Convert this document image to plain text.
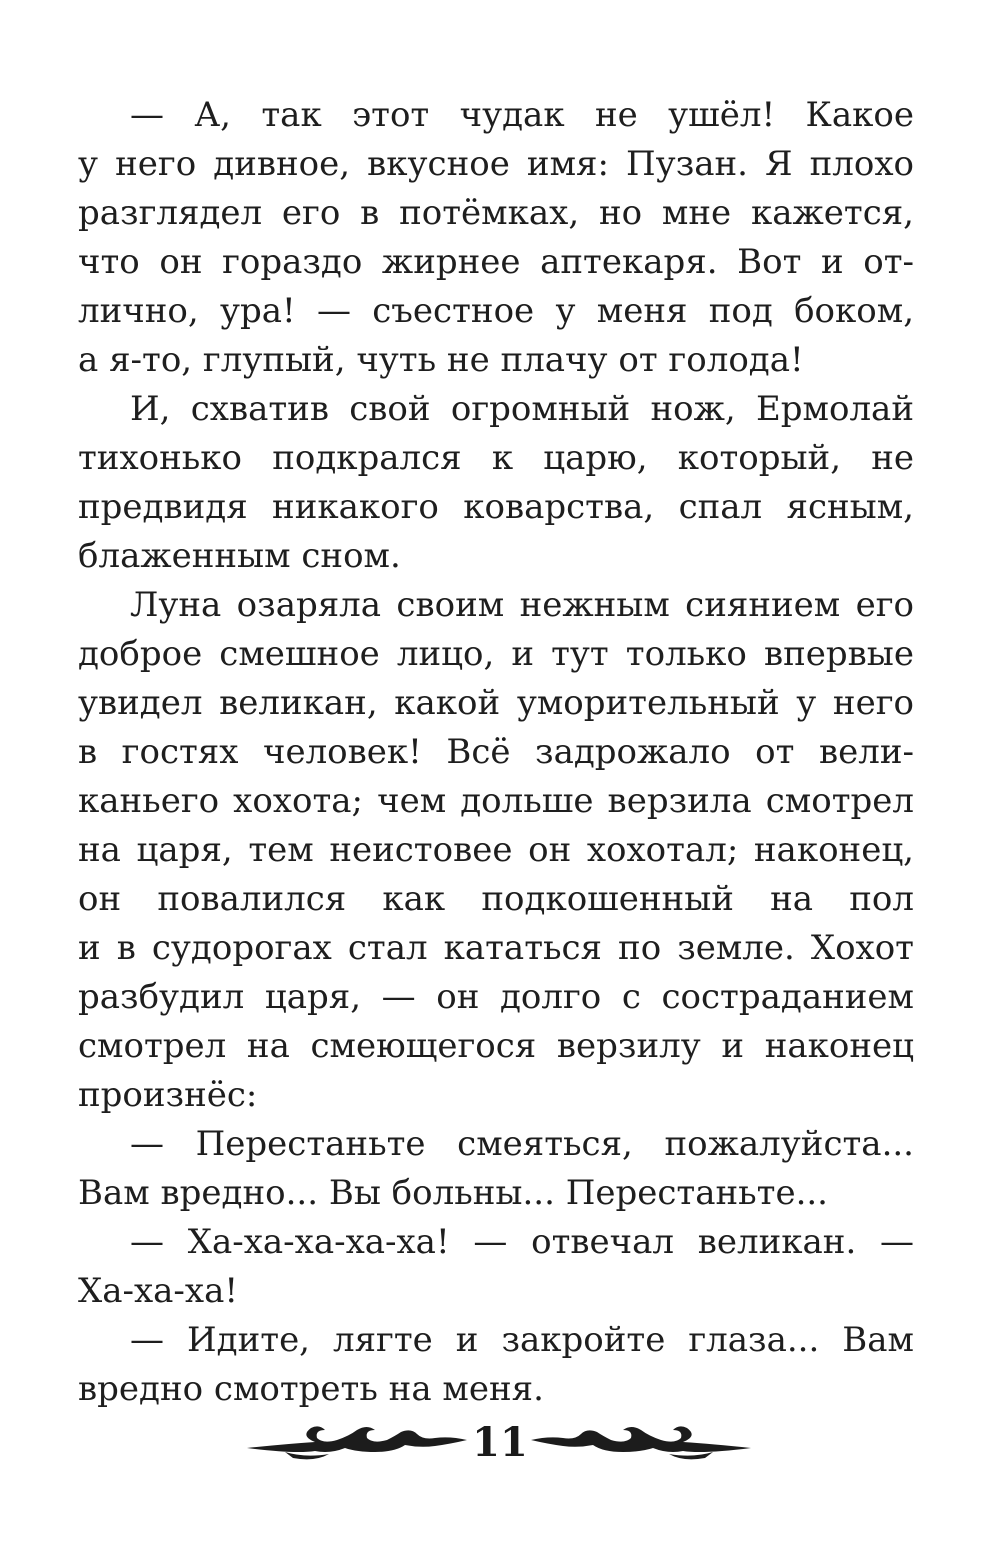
— А, так этот чудак не ушёл! Какое
у него дивное, вкусное имя: Пузан. Я плохо
разглядел его в потёмках, но мне кажется,
что он гораздо жирнее аптекаря. Вот и от-
лично, ура! — съестное у меня под боком,
а я-то, глупый, чуть не плачу от голода!
И, схватив свой огромный нож, Ермолай
тихонько подкрался к царю, который, не
предвидя никакого коварства, спал ясным,
блаженным сном.
Луна озаряла своим нежным сиянием его
доброе смешное лицо, и тут только впервые
увидел великан, какой уморительный у него
в гостях человек! Всё задрожало от вели-
каньего хохота; чем дольше верзила смотрел
на царя, тем неистовее он хохотал; наконец,
он повалился как подкошенный на пол
и в судорогах стал кататься по земле. Хохот
разбудил царя, — он долго с состраданием
смотрел на смеющегося верзилу и наконец
произнёс:
— Перестаньте смеяться, пожалуйста...
Вам вредно... Вы больны... Перестаньте...
— Ха-ха-ха-ха-ха! — отвечал великан. —
Ха-ха-ха!
— Идите, лягте и закройте глаза... Вам
вредно смотреть на меня.
11
